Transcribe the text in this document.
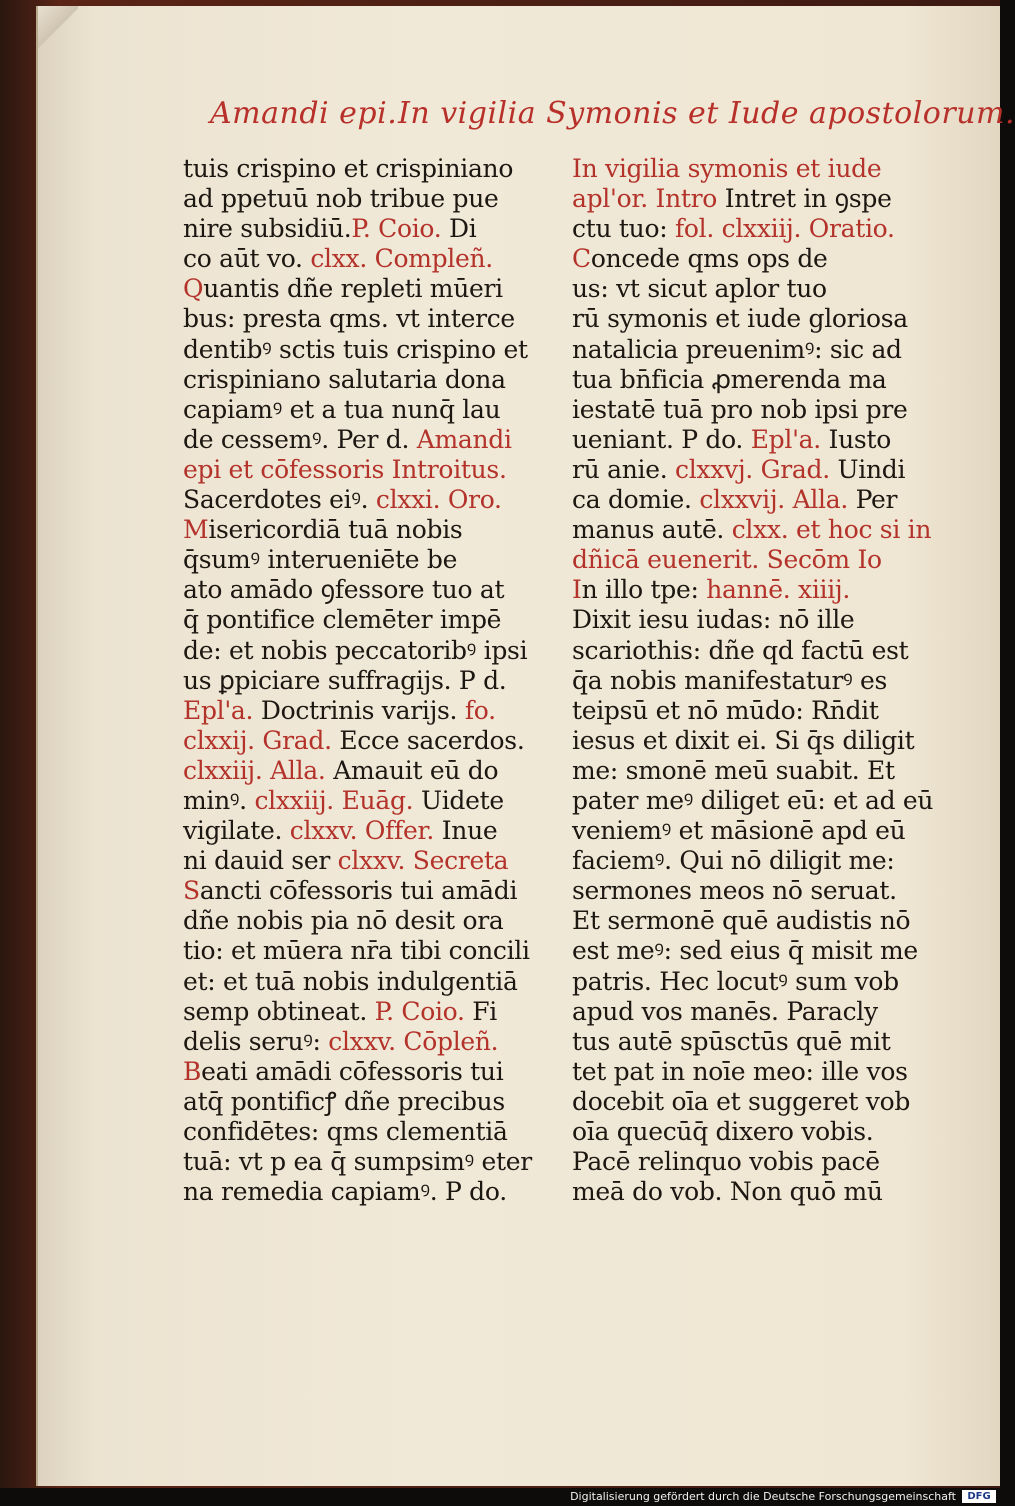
Amandi epi. In vigilia Symonis et Iude apostolorum.
tuis crispino et crispiniano
ad ppetuū nob tribue pue
nire subsidiū.P. Coio. Di
co aūt vo. clxx. Compleñ.
Quantis dñe repleti mūeri
bus: presta qms. vt interce
dentibꝰ sctis tuis crispino et
crispiniano salutaria dona
capiamꝰ et a tua nunq̄ lau
de cessemꝰ. Per d. Amandi
epi et cōfessoris Introitus.
Sacerdotes eiꝰ. clxxi. Oro.
Misericordiā tuā nobis
q̄sumꝰ interueniēte be
ato amādo ꝯfessore tuo at
q̄ pontifice clemēter impē
de: et nobis peccatoribꝰ ipsi
us ꝑpiciare suffragijs. P d.
Epl'a. Doctrinis varijs. fo.
clxxij. Grad. Ecce sacerdos.
clxxiij. Alla. Amauit eū do
minꝰ. clxxiij. Euāg. Uidete
vigilate. clxxv. Offer. Inue
ni dauid ser clxxv. Secreta
Sancti cōfessoris tui amādi
dñe nobis pia nō desit ora
tio: et mūera nr̄a tibi concili
et: et tuā nobis indulgentiā
semp obtineat. P. Coio. Fi
delis seruꝰ: clxxv. Cōpleñ.
Beati amādi cōfessoris tui
atq̄ pontificꝭ dñe precibus
confidētes: qms clementiā
tuā: vt p ea q̄ sumpsimꝰ eter
na remedia capiamꝰ. P do.
In vigilia symonis et iude
apl'or. Intro Intret in ꝯspe
ctu tuo: fol. clxxiij. Oratio.
Concede qms ops de
us: vt sicut aplor tuo
rū symonis et iude gloriosa
natalicia preuenimꝰ: sic ad
tua bn̄ficia ꝓmerenda ma
iestatē tuā pro nob ipsi pre
ueniant. P do. Epl'a. Iusto
rū anie. clxxvj. Grad. Uindi
ca domie. clxxvij. Alla. Per
manus autē. clxx. et hoc si in
dñicā euenerit. Secōm Io
In illo tpe: hannē. xiiij.
Dixit iesu iudas: nō ille
scariothis: dñe qd factū est
q̄a nobis manifestaturꝰ es
teipsū et nō mūdo: Rn̄dit
iesus et dixit ei. Si q̄s diligit
me: smonē meū suabit. Et
pater meꝰ diliget eū: et ad eū
veniemꝰ et māsionē apd eū
faciemꝰ. Qui nō diligit me:
sermones meos nō seruat.
Et sermonē quē audistis nō
est meꝰ: sed eius q̄ misit me
patris. Hec locutꝰ sum vob
apud vos manēs. Paracly
tus autē spūsctūs quē mit
tet pat in noīe meo: ille vos
docebit oīa et suggeret vob
oīa quecūq̄ dixero vobis.
Pacē relinquo vobis pacē
meā do vob. Non quō mū
Digitalisierung gefördert durch die Deutsche Forschungsgemeinschaft	DFG
